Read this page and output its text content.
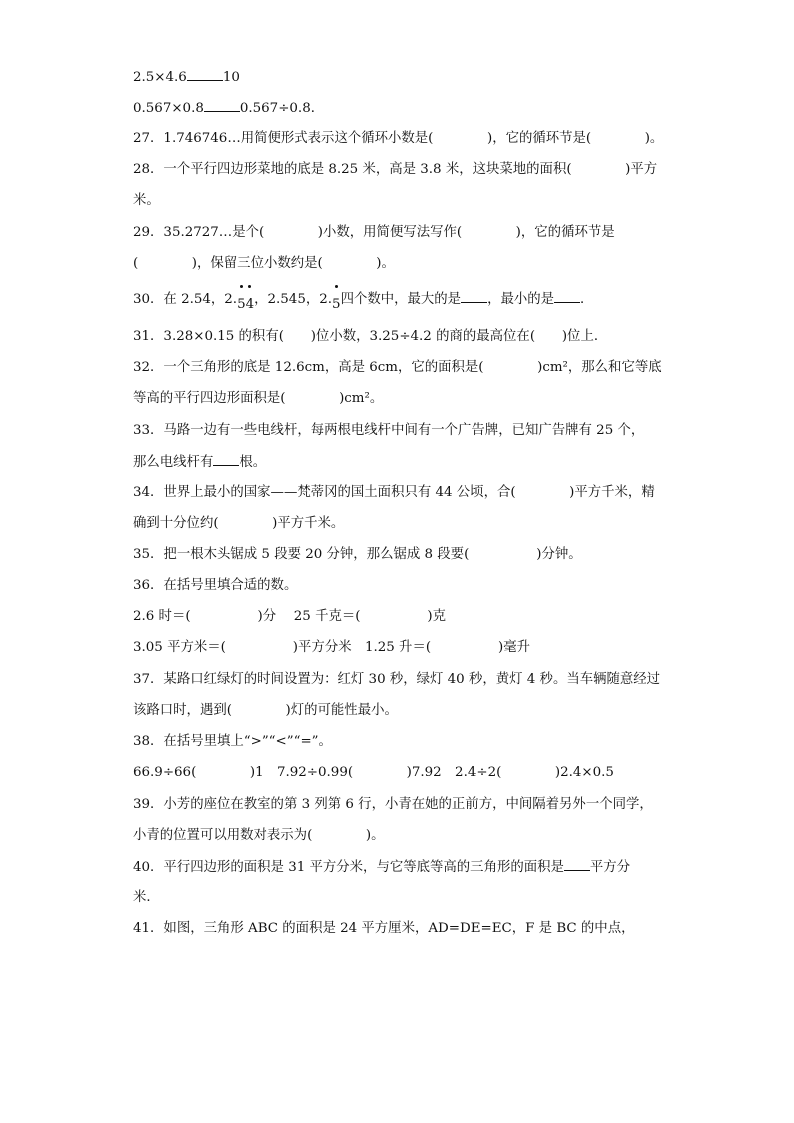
2.5×4.6	10
0.567×0.8	0.567÷0.8．
27．1.746746…用简便形式表示这个循环小数是(　　　　)，它的循环节是(　　　　)。
28．一个平行四边形菜地的底是 8.25 米，高是 3.8 米，这块菜地的面积(　　　　)平方
米。
29．35.2727…是个(　　　　)小数，用简便写法写作(　　　　)，它的循环节是
(　　　　)，保留三位小数约是(　　　　)。
30．在 2.54，2.
5
4，2.545，2.
5四个数中，最大的是 ，最小的是 ．
31．3.28×0.15 的积有(　　)位小数，3.25÷4.2 的商的最高位在(　　)位上．
32．一个三角形的底是 12.6cm，高是 6cm，它的面积是(　　　　)cm²，那么和它等底
等高的平行四边形面积是(　　　　)cm²。
33．马路一边有一些电线杆，每两根电线杆中间有一个广告牌，已知广告牌有 25 个，
那么电线杆有 根。
34．世界上最小的国家——梵蒂冈的国土面积只有 44 公顷，合(　　　　)平方千米，精
确到十分位约(　　　　)平方千米。
35．把一根木头锯成 5 段要 20 分钟，那么锯成 8 段要(　　　　　)分钟。
36．在括号里填合适的数。
2.6 时＝(　　　　　)分　 25 千克＝(　　　　　)克
3.05 平方米＝(　　　　　)平方分米　1.25 升＝(　　　　　)毫升
37．某路口红绿灯的时间设置为：红灯 30 秒，绿灯 40 秒，黄灯 4 秒。当车辆随意经过
该路口时，遇到(　　　　)灯的可能性最小。
38．在括号里填上“>”“<”“=”。
66.9÷66(　　　　)1　7.92÷0.99(　　　　)7.92　2.4÷2(　　　　)2.4×0.5
39．小芳的座位在教室的第 3 列第 6 行，小青在她的正前方，中间隔着另外一个同学，
小青的位置可以用数对表示为(　　　　)。
40．平行四边形的面积是 31 平方分米，与它等底等高的三角形的面积是 平方分
米．
41．如图，三角形 ABC 的面积是 24 平方厘米，AD=DE=EC，F 是 BC 的中点，
